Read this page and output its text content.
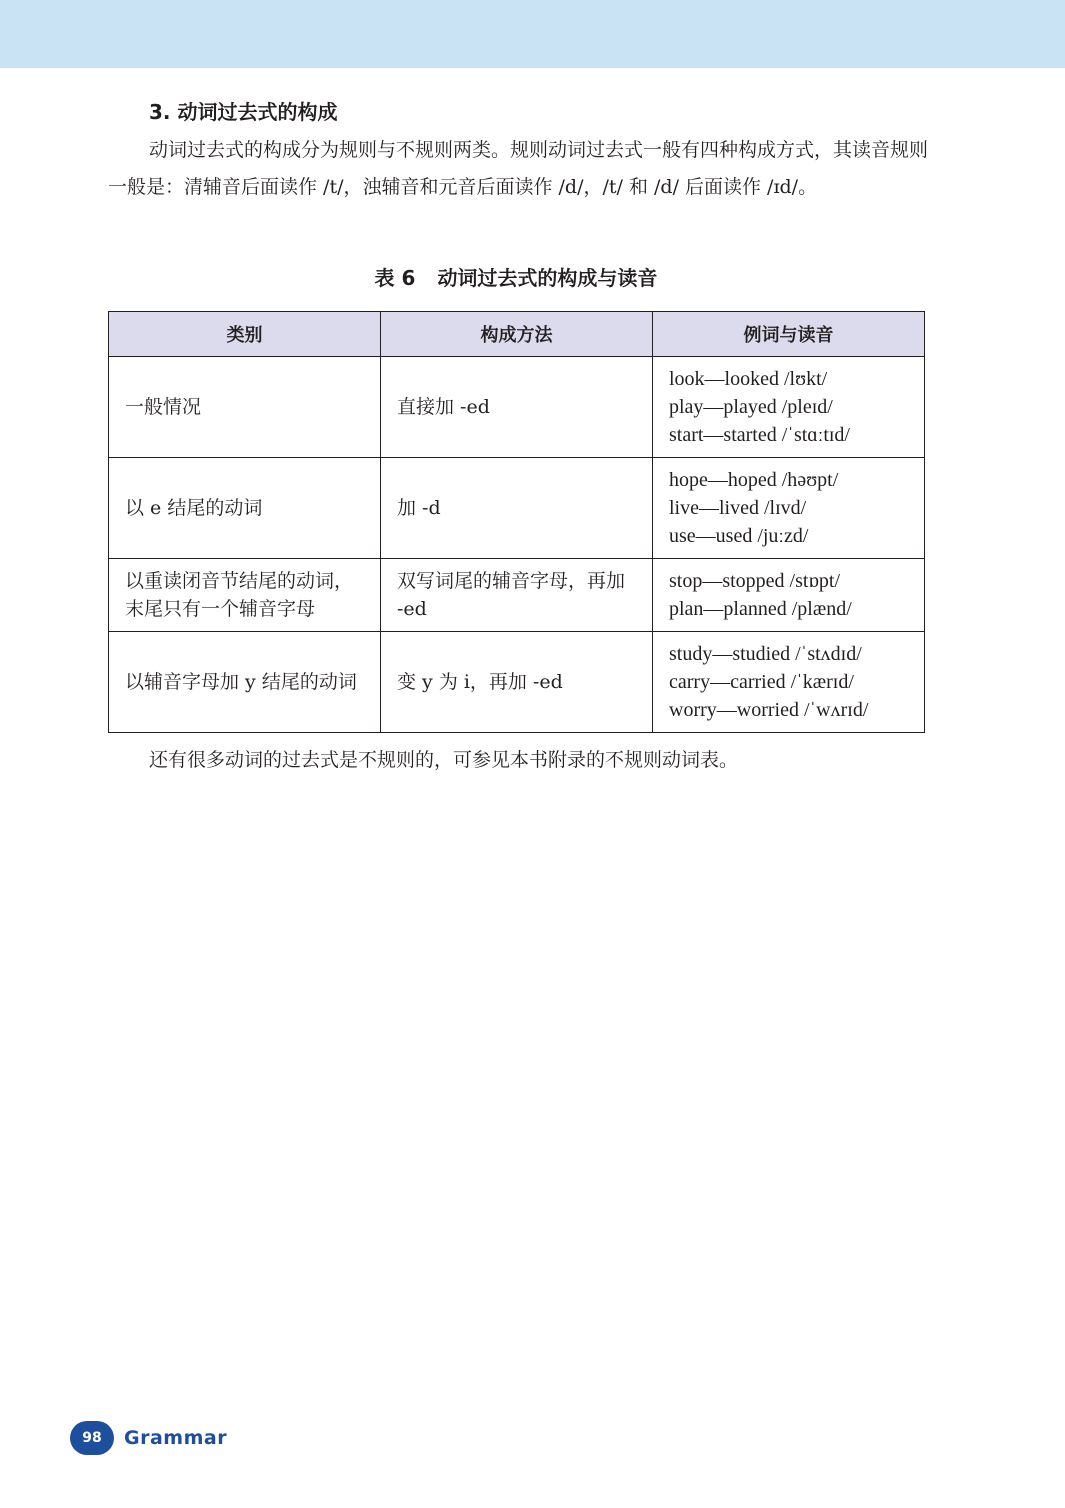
3. 动词过去式的构成

动词过去式的构成分为规则与不规则两类。规则动词过去式一般有四种构成方式，其读音规则一般是：清辅音后面读作 /t/，浊辅音和元音后面读作 /d/，/t/ 和 /d/ 后面读作 /ɪd/。

表 6 动词过去式的构成与读音
类别	构成方法	例词与读音
一般情况	直接加 -ed	look—looked /lʊkt/
play—played /pleɪd/
start—started /ˈstɑːtɪd/

以 e 结尾的动词	加 -d	hope—hoped /həʊpt/
live—lived /lɪvd/
use—used /juːzd/

以重读闭音节结尾的动词，末尾只有一个辅音字母	双写词尾的辅音字母，再加 -ed	stop—stopped /stɒpt/
plan—planned /plænd/

以辅音字母加 y 结尾的动词	变 y 为 i，再加 -ed	study—studied /ˈstʌdɪd/
carry—carried /ˈkærɪd/
worry—worried /ˈwʌrɪd/
还有很多动词的过去式是不规则的，可参见本书附录的不规则动词表。
98	Grammar
